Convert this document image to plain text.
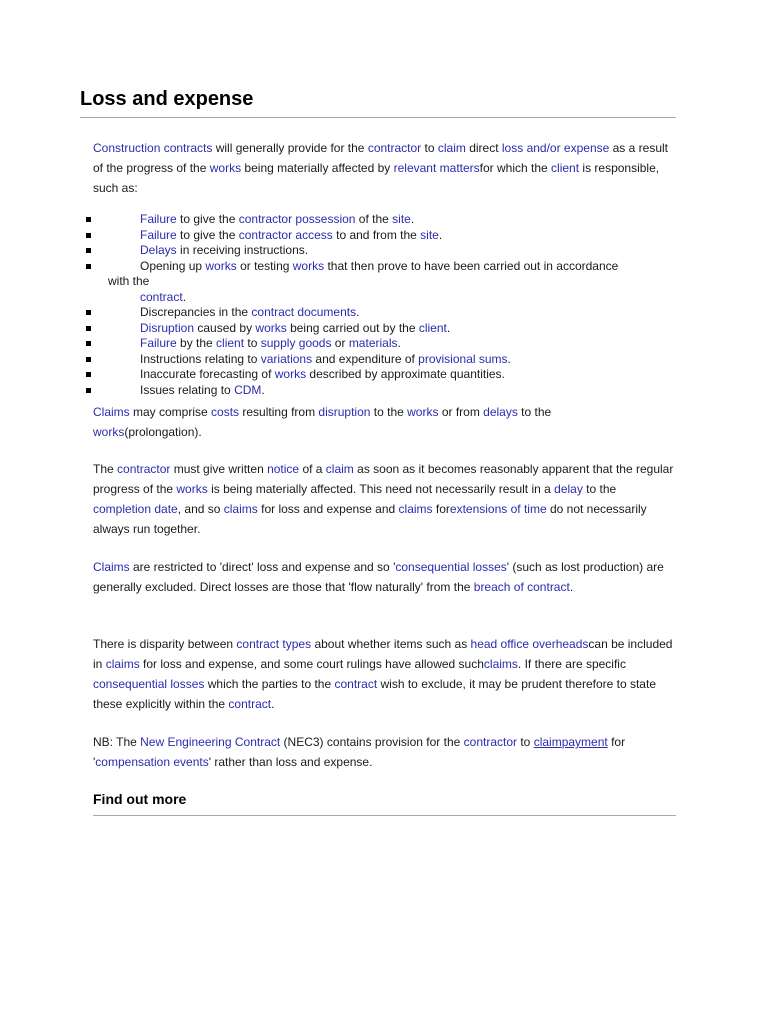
Loss and expense

Construction contracts will generally provide for the contractor to claim direct loss and/or expense as a result of the progress of the works being materially affected by relevant mattersfor which the client is responsible, such as:

Failure to give the contractor possession of the site.
Failure to give the contractor access to and from the site.
Delays in receiving instructions.
Opening up works or testing works that then prove to have been carried out in accordance
with the
contract.
Discrepancies in the contract documents.
Disruption caused by works being carried out by the client.
Failure by the client to supply goods or materials.
Instructions relating to variations and expenditure of provisional sums.
Inaccurate forecasting of works described by approximate quantities.
Issues relating to CDM.

Claims may comprise costs resulting from disruption to the works or from delays to the works(prolongation).

The contractor must give written notice of a claim as soon as it becomes reasonably apparent that the regular progress of the works is being materially affected. This need not necessarily result in a delay to the completion date, and so claims for loss and expense and claims forextensions of time do not necessarily always run together.

Claims are restricted to 'direct' loss and expense and so 'consequential losses' (such as lost production) are generally excluded. Direct losses are those that 'flow naturally' from the breach of contract.

There is disparity between contract types about whether items such as head office overheadscan be included in claims for loss and expense, and some court rulings have allowed suchclaims. If there are specific consequential losses which the parties to the contract wish to exclude, it may be prudent therefore to state these explicitly within the contract.

NB: The New Engineering Contract (NEC3) contains provision for the contractor to claimpayment for 'compensation events' rather than loss and expense.

Find out more
